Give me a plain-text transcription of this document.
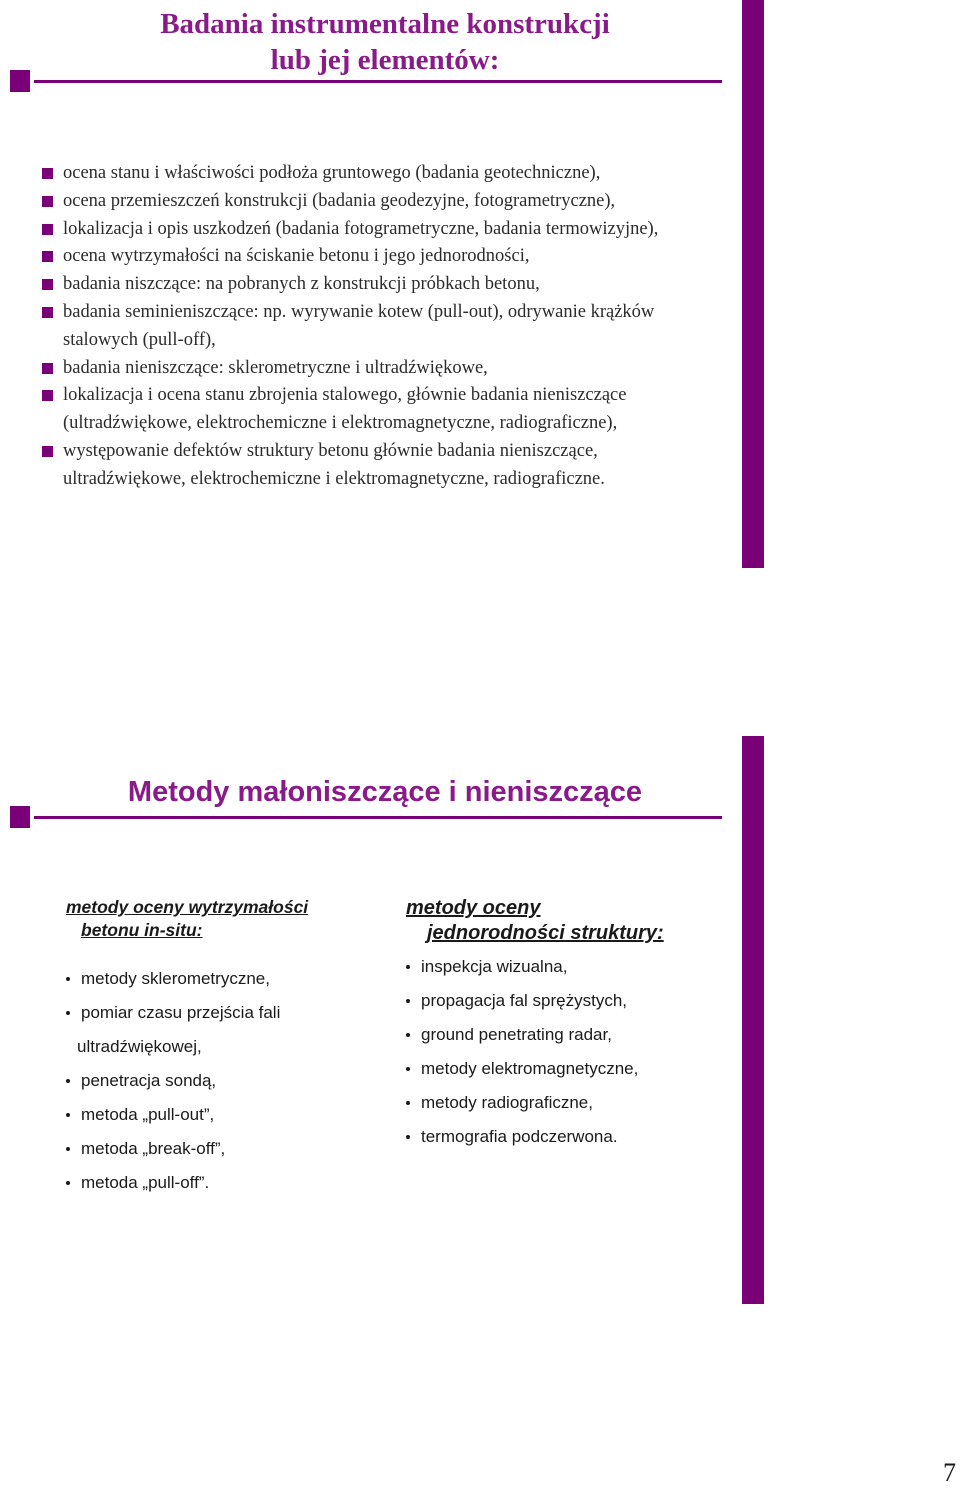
Badania instrumentalne konstrukcji
lub jej elementów:
ocena stanu i właściwości podłoża gruntowego (badania geotechniczne),
ocena przemieszczeń konstrukcji (badania geodezyjne, fotogrametryczne),
lokalizacja i opis uszkodzeń (badania fotogrametryczne, badania termowizyjne),
ocena wytrzymałości na ściskanie betonu i jego jednorodności,
badania niszczące: na pobranych z konstrukcji próbkach betonu,
badania seminieniszczące: np. wyrywanie kotew (pull-out), odrywanie krążków stalowych (pull-off),
badania nieniszczące: sklerometryczne i ultradźwiękowe,
lokalizacja i ocena stanu zbrojenia stalowego, głównie badania nieniszczące (ultradźwiękowe, elektrochemiczne i elektromagnetyczne, radiograficzne),
występowanie defektów struktury betonu głównie badania nieniszczące, ultradźwiękowe, elektrochemiczne i elektromagnetyczne, radiograficzne.
Metody małoniszczące i nieniszczące
metody oceny wytrzymałości
betonu in-situ:
metody sklerometryczne,
pomiar czasu przejścia fali
ultradźwiękowej,
penetracja sondą,
metoda „pull-out”,
metoda „break-off”,
metoda „pull-off”.
metody oceny
jednorodności struktury:
inspekcja wizualna,
propagacja fal sprężystych,
ground penetrating radar,
metody elektromagnetyczne,
metody radiograficzne,
termografia podczerwona.
7
